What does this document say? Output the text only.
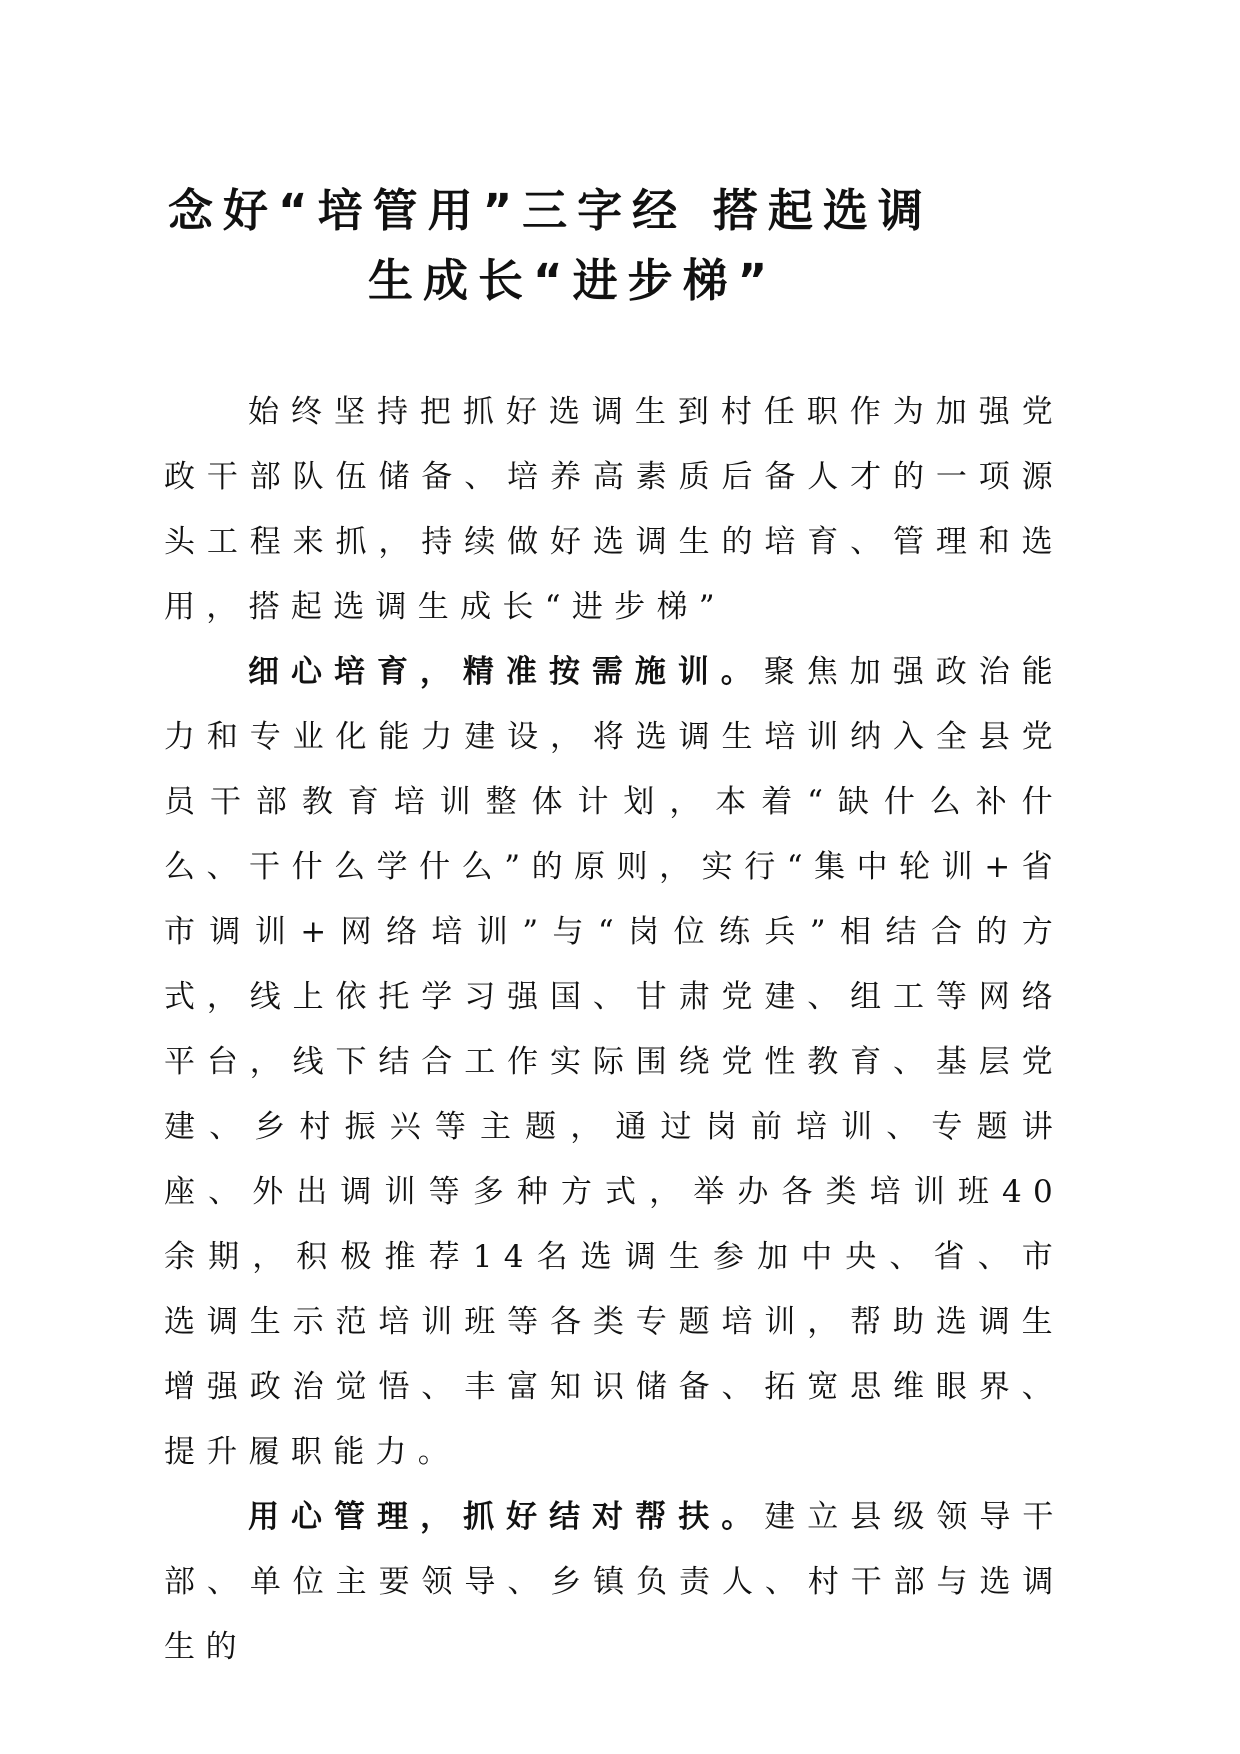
念好“培管用”三字经 搭起选调

生成长“进步梯”

始终坚持把抓好选调生到村任职作为加强党政干部队伍储备、培养高素质后备人才的一项源头工程来抓，持续做好选调生的培育、管理和选用，搭起选调生成长“进步梯”

细心培育，精准按需施训。聚焦加强政治能力和专业化能力建设，将选调生培训纳入全县党员干部教育培训整体计划，本着“缺什么补什么、干什么学什么”的原则，实行“集中轮训+省市调训+网络培训”与“岗位练兵”相结合的方式，线上依托学习强国、甘肃党建、组工等网络平台，线下结合工作实际围绕党性教育、基层党建、乡村振兴等主题，通过岗前培训、专题讲座、外出调训等多种方式，举办各类培训班40余期，积极推荐14名选调生参加中央、省、市选调生示范培训班等各类专题培训，帮助选调生增强政治觉悟、丰富知识储备、拓宽思维眼界、提升履职能力。

用心管理，抓好结对帮扶。建立县级领导干部、单位主要领导、乡镇负责人、村干部与选调生的
